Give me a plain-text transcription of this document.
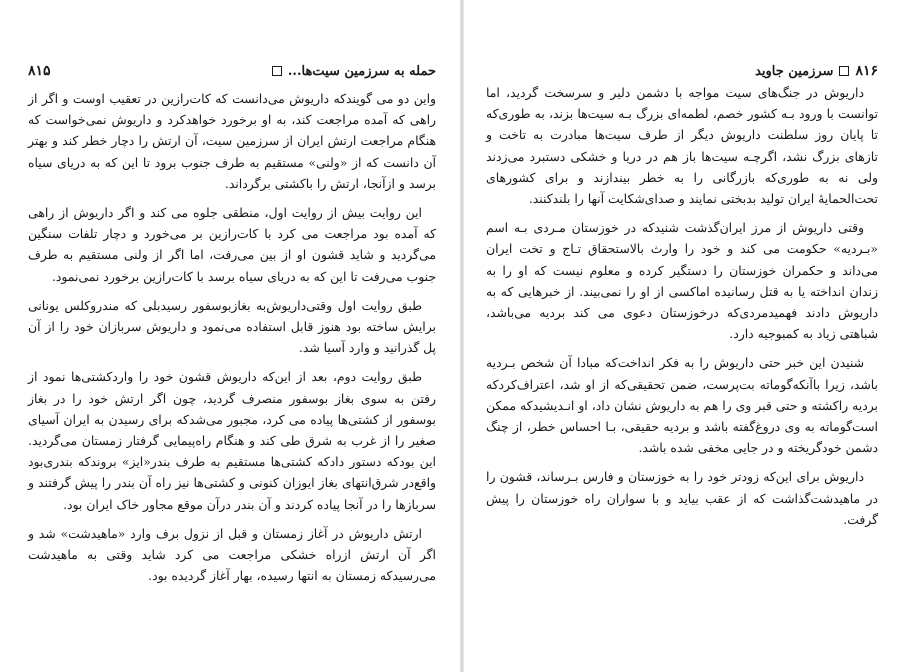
حمله به سرزمین سیت‌ها...
۸۱۵

واین دو می گویندکه داریوش می‌دانست که کات‌رازین در تعقیب اوست و اگر از راهی که آمده مراجعت کند، به او برخورد خواهدکرد و داریوش نمی‌خواست که هنگام مراجعت ارتش ایران از سرزمین سیت، آن ارتش را دچار خطر کند و بهتر آن دانست که از «ولنی» مستقیم به طرف جنوب برود تا این که به دریای سیاه برسد و ازآنجا، ارتش را باکشتی برگرداند.

این روایت بیش از روایت اول، منطقی جلوه می کند و اگر داریوش از راهی که آمده بود مراجعت می کرد با کات‌رازین بر می‌خورد و دچار تلفات سنگین می‌گردید و شاید قشون او از بین می‌رفت، اما اگر از ولنی مستقیم به طرف جنوب می‌رفت تا این که به دریای سیاه برسد با کات‌رازین برخورد نمی‌نمود.

طبق روایت اول وقتی‌داریوش‌به بغازبوسفور رسیدبلی که مندروکلس یونانی برایش ساخته بود هنوز قابل استفاده می‌نمود و داریوش سربازان خود را از آن پل گذرانید و وارد آسیا شد.

طبق روایت دوم، بعد از این‌که داریوش قشون خود را واردکشتی‌ها نمود از رفتن به سوی بغاز بوسفور منصرف گردید، چون اگر ارتش خود را در بغاز بوسفور از کشتی‌ها پیاده می کرد، مجبور می‌شدکه برای رسیدن به ایران آسیای صغیر را از غرب به شرق طی کند و هنگام راه‌پیمایی گرفتار زمستان می‌گردید. این بودکه دستور دادکه کشتی‌ها مستقیم به طرف بندر«ایز» بروندکه بندری‌بود واقع‌در شرق‌انتهای بغاز ایوز‌ان کنونی و کشتی‌ها نیز راه آن بندر را پیش گرفتند و سربازها را در آنجا پیاده کردند و آن بندر درآن موقع مجاور خاک ایران بود.

ارتش داریوش در آغاز زمستان و قبل از نزول برف وارد «ماهیدشت» شد و اگر آن ارتش ازراه خشکی مراجعت می کرد شاید وقتی به ماهیدشت می‌رسیدکه زمستان به انتها رسیده، بهار آغاز گردیده بود.

۸۱۶
سرزمین جاوید

داریوش در جنگ‌های سیت مواجه با دشمن دلیر و سرسخت گردید، اما توانست با ورود بـه کشور خصم، لطمه‌ای بزرگ بـه سیت‌ها بزند، به طوری‌که تا پایان روز سلطنت داریوش دیگر از طرف سیت‌ها مبادرت به تاخت و تازهای بزرگ نشد، اگرچـه سیت‌ها باز هم در دریا و خشکی دستبرد می‌زدند ولی نه به طوری‌که بازرگانی را به خطر بیندازند و برای کشورهای تحت‌الحمایهٔ ایران تولید بدبختی نمایند و صدای‌شکایت آنها را بلندکنند.

وقتی داریوش از مرز ایران‌گذشت شنیدکه در خوزستان مـردی بـه اسم «بـردیه» حکومت می کند و خود را وارث بالاستحقاق تـاج و تخت ایران می‌داند و حکمران خوزستان را دستگیر کرده و معلوم نیست که او را به زندان انداخته یا به قتل رسانیده اماکسی از او را نمی‌بیند. از خبرهایی که به داریوش دادند فهمید‌مردی‌که درخوزستان دعوی می کند بردیه می‌باشد، شباهتی زیاد به کمبوجیه دارد.

شنیدن این خبر حتی داریوش را به فکر انداخت‌که مبادا آن شخص بـردیه باشد، زیرا باآنکه‌گوماته بت‌پرست، ضمن تحقیقی‌که از او شد، اعتراف‌کردکه بردیه راکشته و حتی قبر وی را هم به داریوش نشان داد، او انـدیشیدکه ممکن است‌گوماته به وی دروغ‌گفته باشد و بردیه حقیقی، بـا احساس خطر، از چنگ دشمن خودگریخته و در جایی مخفی شده باشد.

داریوش برای این‌که زودتر خود را به خوزستان و فارس بـرساند، قشون را در ماهیدشت‌گذاشت که از عقب بیاید و با سواران راه خوزستان را پیش گرفت.
